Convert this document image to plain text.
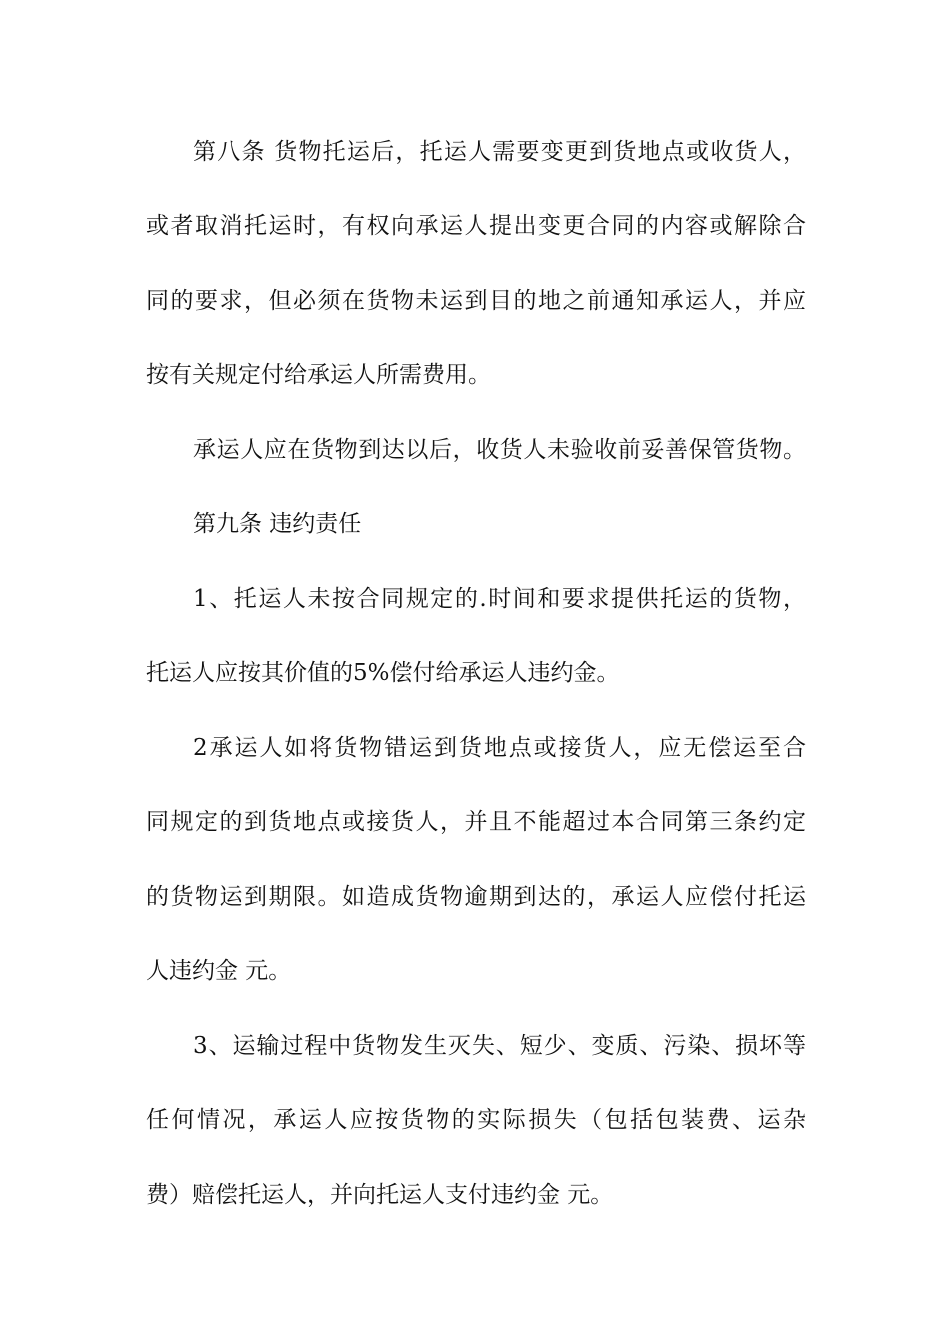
第八条 货物托运后，托运人需要变更到货地点或收货人，
或者取消托运时，有权向承运人提出变更合同的内容或解除合
同的要求，但必须在货物未运到目的地之前通知承运人，并应
按有关规定付给承运人所需费用。
承运人应在货物到达以后，收货人未验收前妥善保管货物。
第九条 违约责任
1、托运人未按合同规定的.时间和要求提供托运的货物，
托运人应按其价值的5%偿付给承运人违约金。
2承运人如将货物错运到货地点或接货人，应无偿运至合
同规定的到货地点或接货人，并且不能超过本合同第三条约定
的货物运到期限。如造成货物逾期到达的，承运人应偿付托运
人违约金 元。
3、运输过程中货物发生灭失、短少、变质、污染、损坏等
任何情况，承运人应按货物的实际损失（包括包装费、运杂
费）赔偿托运人，并向托运人支付违约金 元。
